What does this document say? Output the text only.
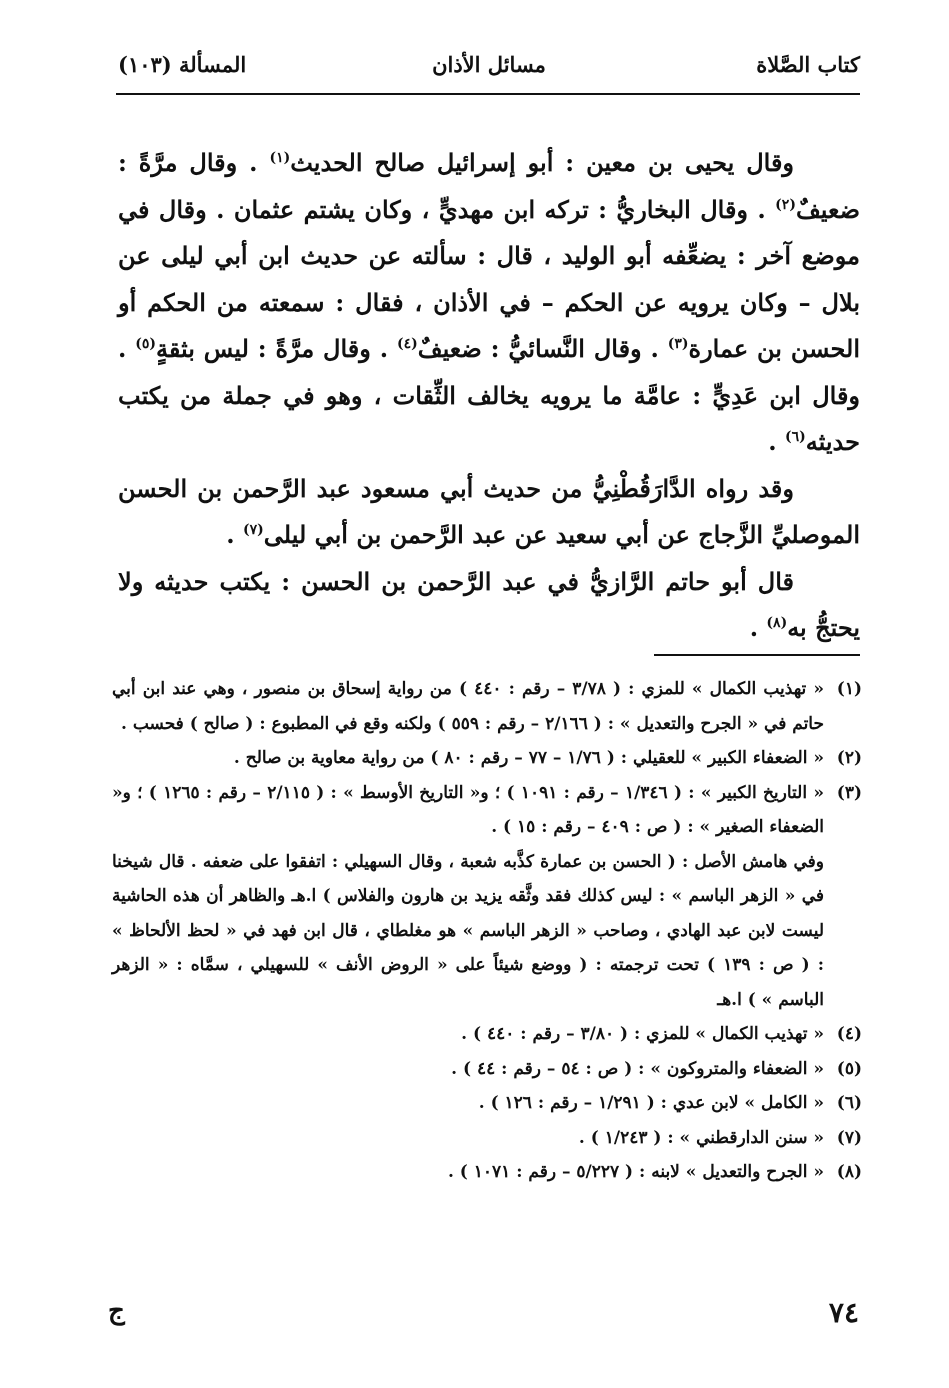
كتاب الصَّلاة
مسائل الأذان
المسألة (١٠٣)

وقال يحيى بن معين : أبو إسرائيل صالح الحديث$^{(١)}$ . وقال مرَّةً : ضعيفٌ$^{(٢)}$ . وقال البخاريُّ : تركه ابن مهديٍّ ، وكان يشتم عثمان . وقال في موضع آخر : يضعِّفه أبو الوليد ، قال : سألته عن حديث ابن أبي ليلى عن بلال – وكان يرويه عن الحكم – في الأذان ، فقال : سمعته من الحكم أو الحسن بن عمارة$^{(٣)}$ . وقال النَّسائيُّ : ضعيفٌ$^{(٤)}$ . وقال مرَّةً : ليس بثقةٍ$^{(٥)}$ . وقال ابن عَدِيٍّ : عامَّة ما يرويه يخالف الثِّقات ، وهو في جملة من يكتب حديثه$^{(٦)}$ .

وقد رواه الدَّارَقُطْنِيُّ من حديث أبي مسعود عبد الرَّحمن بن الحسن الموصليِّ الزَّجاج عن أبي سعيد عن عبد الرَّحمن بن أبي ليلى$^{(٧)}$ .

قال أبو حاتم الرَّازيُّ في عبد الرَّحمن بن الحسن : يكتب حديثه ولا يحتجُّ به$^{(٨)}$ .

(١)
« تهذيب الكمال » للمزي : ( ٣/٧٨ – رقم : ٤٤٠ ) من رواية إسحاق بن منصور ، وهي عند ابن أبي حاتم في « الجرح والتعديل » : ( ٢/١٦٦ – رقم : ٥٥٩ ) ولكنه وقع في المطبوع : ( صالح ) فحسب .
(٢)
« الضعفاء الكبير » للعقيلي : ( ١/٧٦ – ٧٧ – رقم : ٨٠ ) من رواية معاوية بن صالح .
(٣)
« التاريخ الكبير » : ( ١/٣٤٦ – رقم : ١٠٩١ ) ؛ و« التاريخ الأوسط » : ( ٢/١١٥ – رقم : ١٢٦٥ ) ؛ و« الضعفاء الصغير » : ( ص : ٤٠٩ – رقم : ١٥ ) .
وفي هامش الأصل : ( الحسن بن عمارة كذَّبه شعبة ، وقال السهيلي : اتفقوا على ضعفه . قال شيخنا في « الزهر الباسم » : ليس كذلك فقد وثَّقه يزيد بن هارون والفلاس ) ا.هـ والظاهر أن هذه الحاشية ليست لابن عبد الهادي ، وصاحب « الزهر الباسم » هو مغلطاي ، قال ابن فهد في « لحظ الألحاظ » : ( ص : ١٣٩ ) تحت ترجمته : ( ووضع شيئاً على « الروض الأنف » للسهيلي ، سمَّاه : « الزهر الباسم » ) ا.هـ
(٤)
« تهذيب الكمال » للمزي : ( ٣/٨٠ – رقم : ٤٤٠ ) .
(٥)
« الضعفاء والمتروكون » : ( ص : ٥٤ – رقم : ٤٤ ) .
(٦)
« الكامل » لابن عدي : ( ١/٢٩١ – رقم : ١٢٦ ) .
(٧)
« سنن الدارقطني » : ( ١/٢٤٣ ) .
(٨)
« الجرح والتعديل » لابنه : ( ٥/٢٢٧ – رقم : ١٠٧١ ) .
٧٤
ج
